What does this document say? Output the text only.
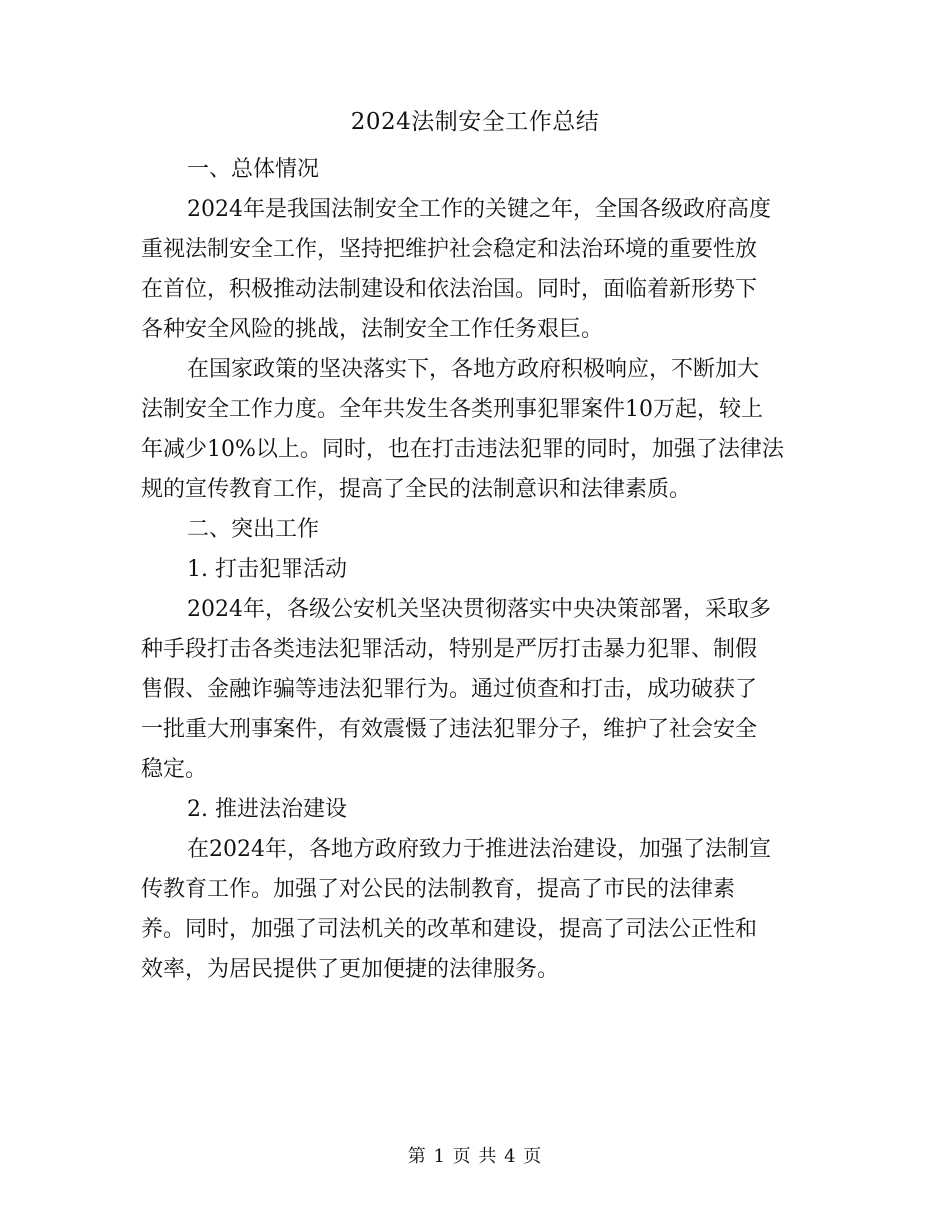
2024法制安全工作总结
一、总体情况
2024年是我国法制安全工作的关键之年，全国各级政府高度
重视法制安全工作，坚持把维护社会稳定和法治环境的重要性放
在首位，积极推动法制建设和依法治国。同时，面临着新形势下
各种安全风险的挑战，法制安全工作任务艰巨。
在国家政策的坚决落实下，各地方政府积极响应，不断加大
法制安全工作力度。全年共发生各类刑事犯罪案件10万起，较上
年减少10%以上。同时，也在打击违法犯罪的同时，加强了法律法
规的宣传教育工作，提高了全民的法制意识和法律素质。
二、突出工作
1. 打击犯罪活动
2024年，各级公安机关坚决贯彻落实中央决策部署，采取多
种手段打击各类违法犯罪活动，特别是严厉打击暴力犯罪、制假
售假、金融诈骗等违法犯罪行为。通过侦查和打击，成功破获了
一批重大刑事案件，有效震慑了违法犯罪分子，维护了社会安全
稳定。
2. 推进法治建设
在2024年，各地方政府致力于推进法治建设，加强了法制宣
传教育工作。加强了对公民的法制教育，提高了市民的法律素
养。同时，加强了司法机关的改革和建设，提高了司法公正性和
效率，为居民提供了更加便捷的法律服务。
第 1 页 共 4 页
